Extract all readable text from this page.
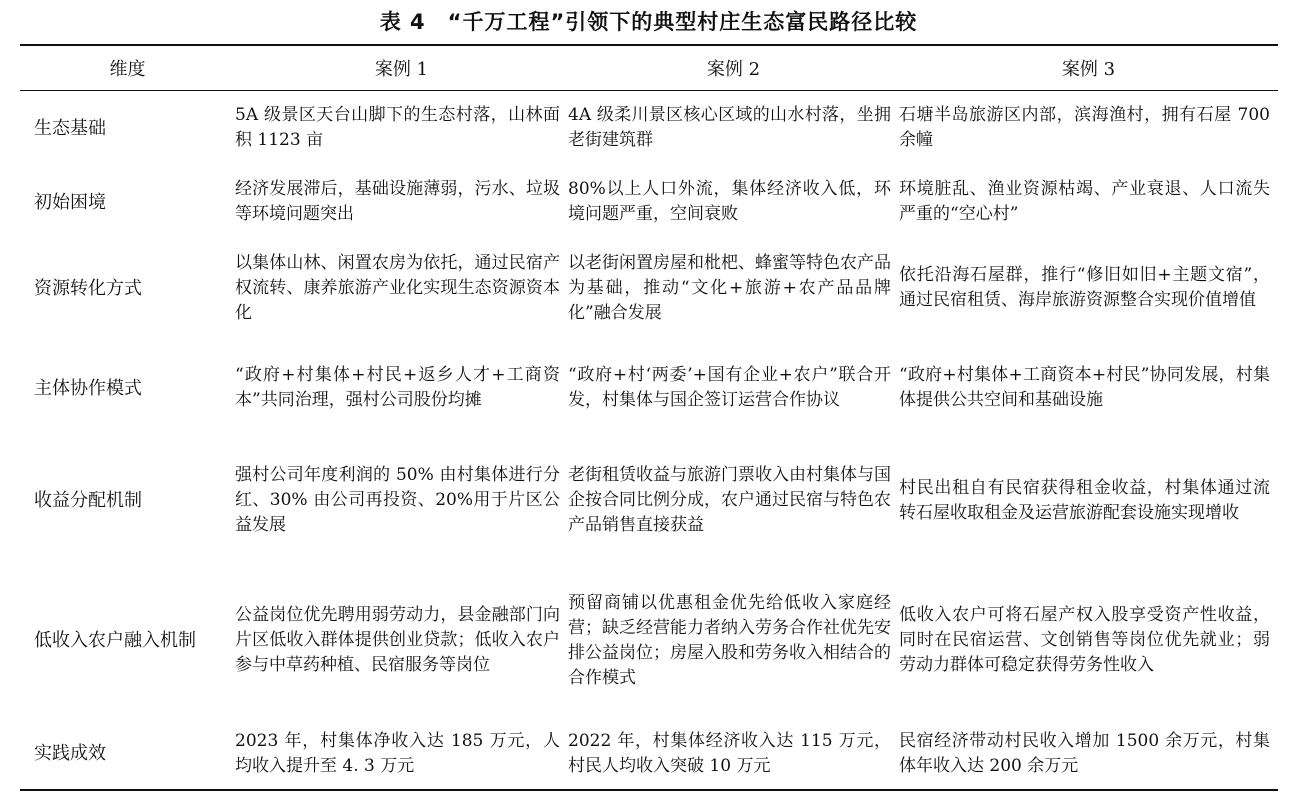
表 4　“千万工程”引领下的典型村庄生态富民路径比较
维度	案例 1	案例 2	案例 3
生态基础	5A 级景区天台山脚下的生态村落，山林面积 1123 亩	4A 级柔川景区核心区域的山水村落，坐拥老街建筑群	石塘半岛旅游区内部，滨海渔村，拥有石屋 700 余幢
初始困境	经济发展滞后，基础设施薄弱，污水、垃圾等环境问题突出	80%以上人口外流，集体经济收入低，环境问题严重，空间衰败	环境脏乱、渔业资源枯竭、产业衰退、人口流失严重的“空心村”
资源转化方式	以集体山林、闲置农房为依托，通过民宿产权流转、康养旅游产业化实现生态资源资本化	以老街闲置房屋和枇杷、蜂蜜等特色农产品为基础，推动“文化+旅游+农产品品牌化”融合发展	依托沿海石屋群，推行“修旧如旧+主题文宿”，通过民宿租赁、海岸旅游资源整合实现价值增值
主体协作模式	“政府+村集体+村民+返乡人才+工商资本”共同治理，强村公司股份均摊	“政府+村‘两委’+国有企业+农户”联合开发，村集体与国企签订运营合作协议	“政府+村集体+工商资本+村民”协同发展，村集体提供公共空间和基础设施
收益分配机制	强村公司年度利润的 50% 由村集体进行分红、30% 由公司再投资、20%用于片区公益发展	老街租赁收益与旅游门票收入由村集体与国企按合同比例分成，农户通过民宿与特色农产品销售直接获益	村民出租自有民宿获得租金收益，村集体通过流转石屋收取租金及运营旅游配套设施实现增收
低收入农户融入机制	公益岗位优先聘用弱劳动力，县金融部门向片区低收入群体提供创业贷款；低收入农户参与中草药种植、民宿服务等岗位	预留商铺以优惠租金优先给低收入家庭经营；缺乏经营能力者纳入劳务合作社优先安排公益岗位；房屋入股和劳务收入相结合的合作模式	低收入农户可将石屋产权入股享受资产性收益，同时在民宿运营、文创销售等岗位优先就业；弱劳动力群体可稳定获得劳务性收入
实践成效	2023 年，村集体净收入达 185 万元，人均收入提升至 4. 3 万元	2022 年，村集体经济收入达 115 万元，村民人均收入突破 10 万元	民宿经济带动村民收入增加 1500 余万元，村集体年收入达 200 余万元
